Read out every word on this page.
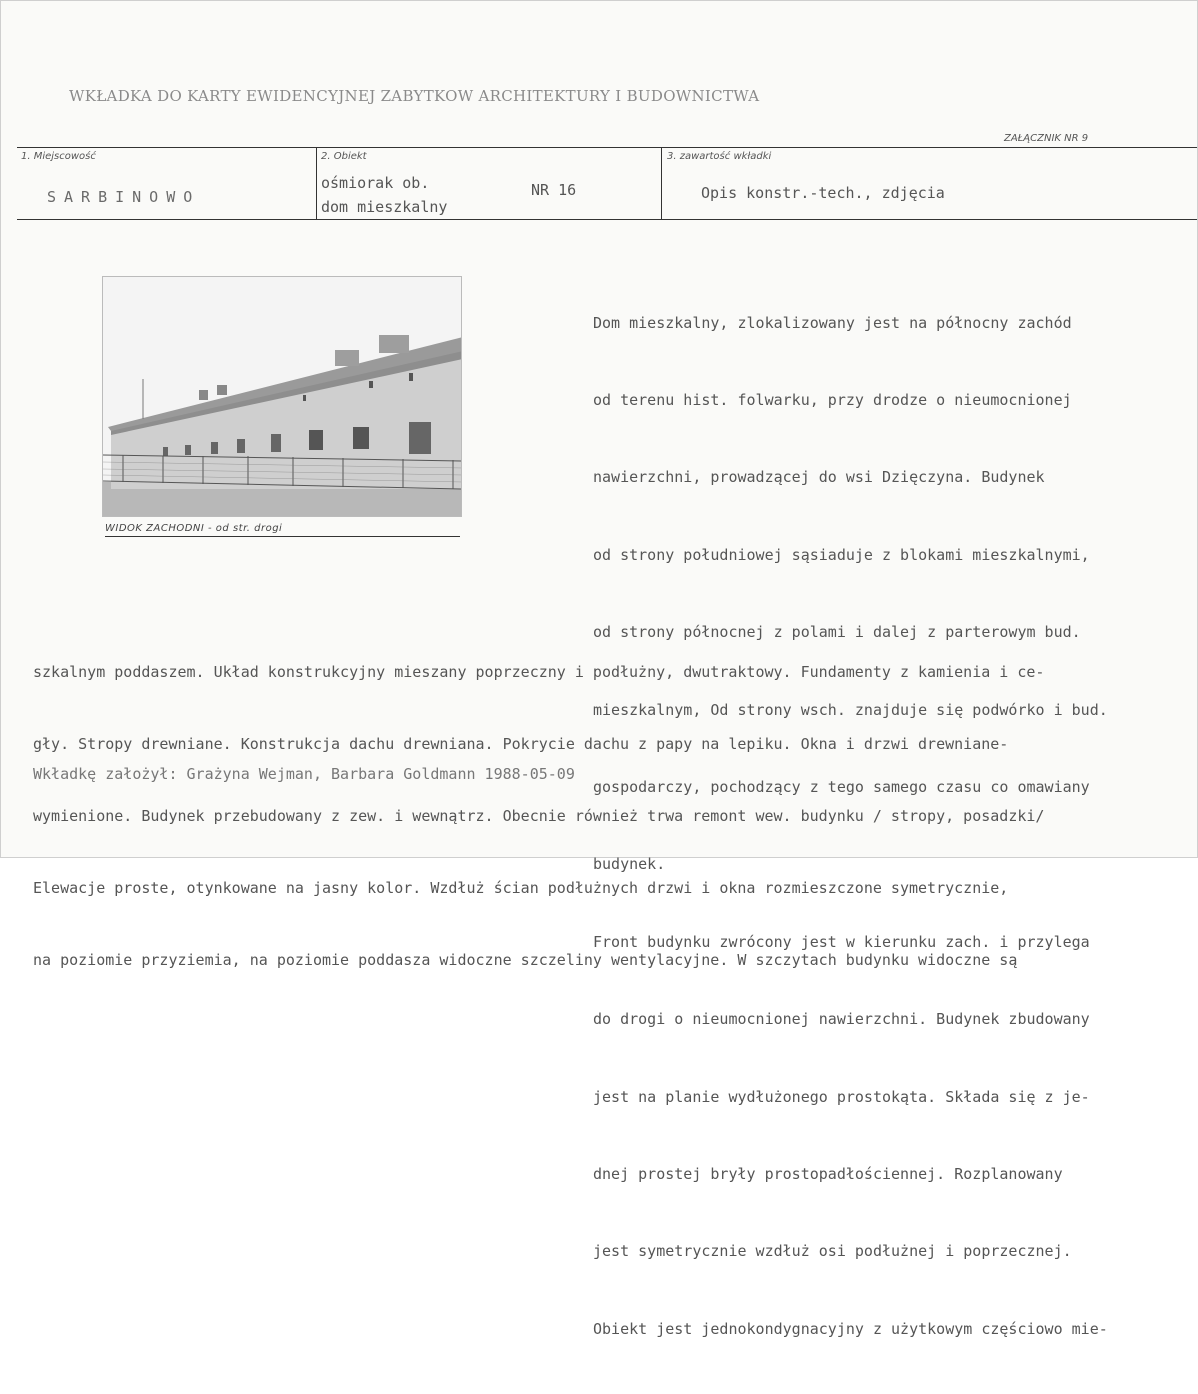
WKŁADKA DO KARTY EWIDENCYJNEJ ZABYTKOW ARCHITEKTURY I BUDOWNICTWA
ZAŁĄCZNIK NR 9
1. Miejscowość
SARBINOWO
2. Obiekt
ośmiorak ob.
dom mieszkalny
NR 16
3. zawartość wkładki
Opis konstr.-tech., zdjęcia
WIDOK ZACHODNI - od str. drogi

Dom mieszkalny, zlokalizowany jest na północny zachód

od terenu hist. folwarku, przy drodze o nieumocnionej

nawierzchni, prowadzącej do wsi Dzięczyna. Budynek

od strony południowej sąsiaduje z blokami mieszkalnymi,

od strony północnej z polami i dalej z parterowym bud.

mieszkalnym, Od strony wsch. znajduje się podwórko i bud.

gospodarczy, pochodzący z tego samego czasu co omawiany

budynek.

Front budynku zwrócony jest w kierunku zach. i przylega

do drogi o nieumocnionej nawierzchni. Budynek zbudowany

jest na planie wydłużonego prostokąta. Składa się z je-

dnej prostej bryły prostopadłościennej. Rozplanowany

jest symetrycznie wzdłuż osi podłużnej i poprzecznej.

Obiekt jest jednokondygnacyjny z użytkowym częściowo mie-

szkalnym poddaszem. Układ konstrukcyjny mieszany poprzeczny i podłużny, dwutraktowy. Fundamenty z kamienia i ce-

gły. Stropy drewniane. Konstrukcja dachu drewniana. Pokrycie dachu z papy na lepiku. Okna i drzwi drewniane-

wymienione. Budynek przebudowany z zew. i wewnątrz. Obecnie również trwa remont wew. budynku / stropy, posadzki/

Elewacje proste, otynkowane na jasny kolor. Wzdłuż ścian podłużnych drzwi i okna rozmieszczone symetrycznie,

na poziomie przyziemia, na poziomie poddasza widoczne szczeliny wentylacyjne. W szczytach budynku widoczne są

Wkładkę założył: Grażyna Wejman, Barbara Goldmann 1988-05-09
